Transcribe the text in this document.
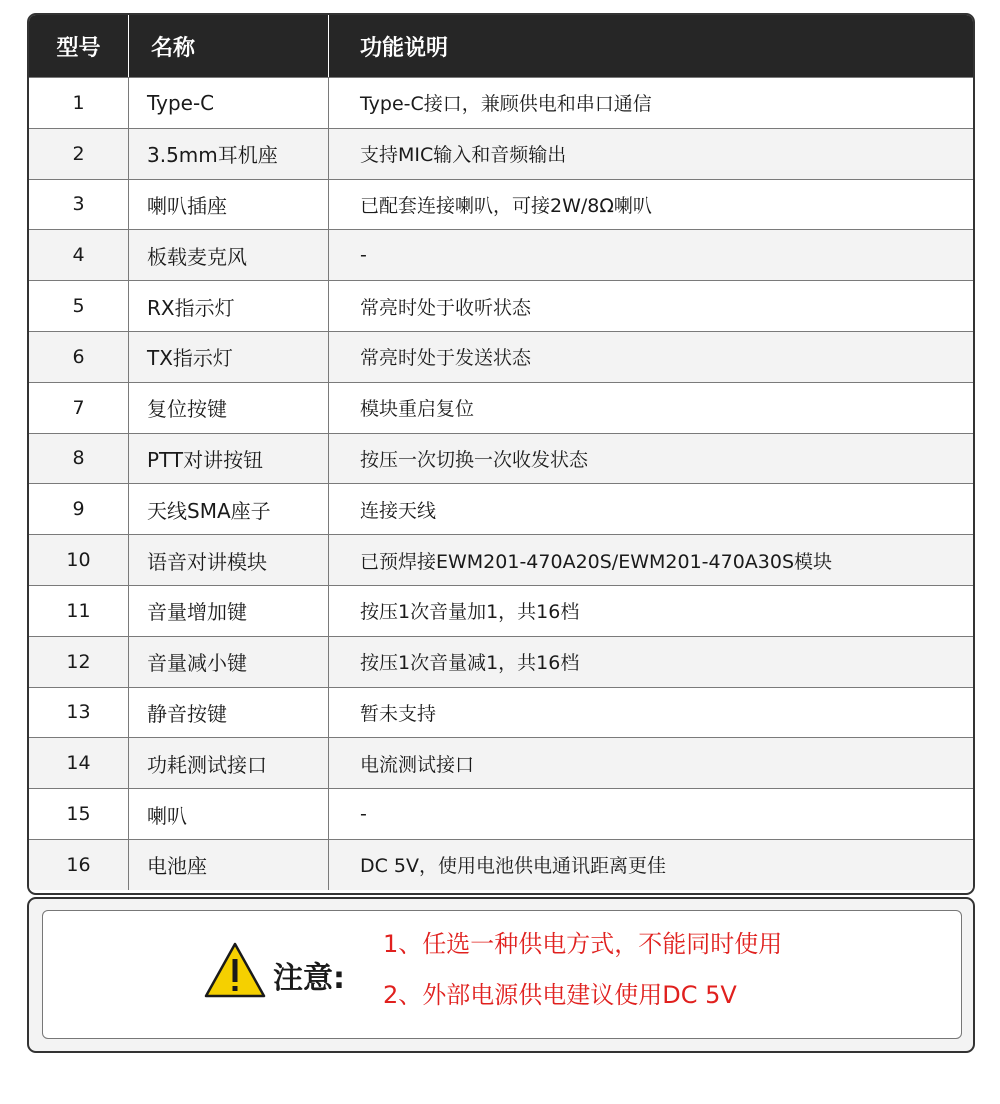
型号	名称	功能说明
1	Type-C	Type-C接口，兼顾供电和串口通信
2	3.5mm耳机座	支持MIC输入和音频输出
3	喇叭插座	已配套连接喇叭，可接2W/8Ω喇叭
4	板载麦克风	-
5	RX指示灯	常亮时处于收听状态
6	TX指示灯	常亮时处于发送状态
7	复位按键	模块重启复位
8	PTT对讲按钮	按压一次切换一次收发状态
9	天线SMA座子	连接天线
10	语音对讲模块	已预焊接EWM201-470A20S/EWM201-470A30S模块
11	音量增加键	按压1次音量加1，共16档
12	音量减小键	按压1次音量减1，共16档
13	静音按键	暂未支持
14	功耗测试接口	电流测试接口
15	喇叭	-
16	电池座	DC 5V，使用电池供电通讯距离更佳
注意:
1、任选一种供电方式，不能同时使用
2、外部电源供电建议使用DC 5V
